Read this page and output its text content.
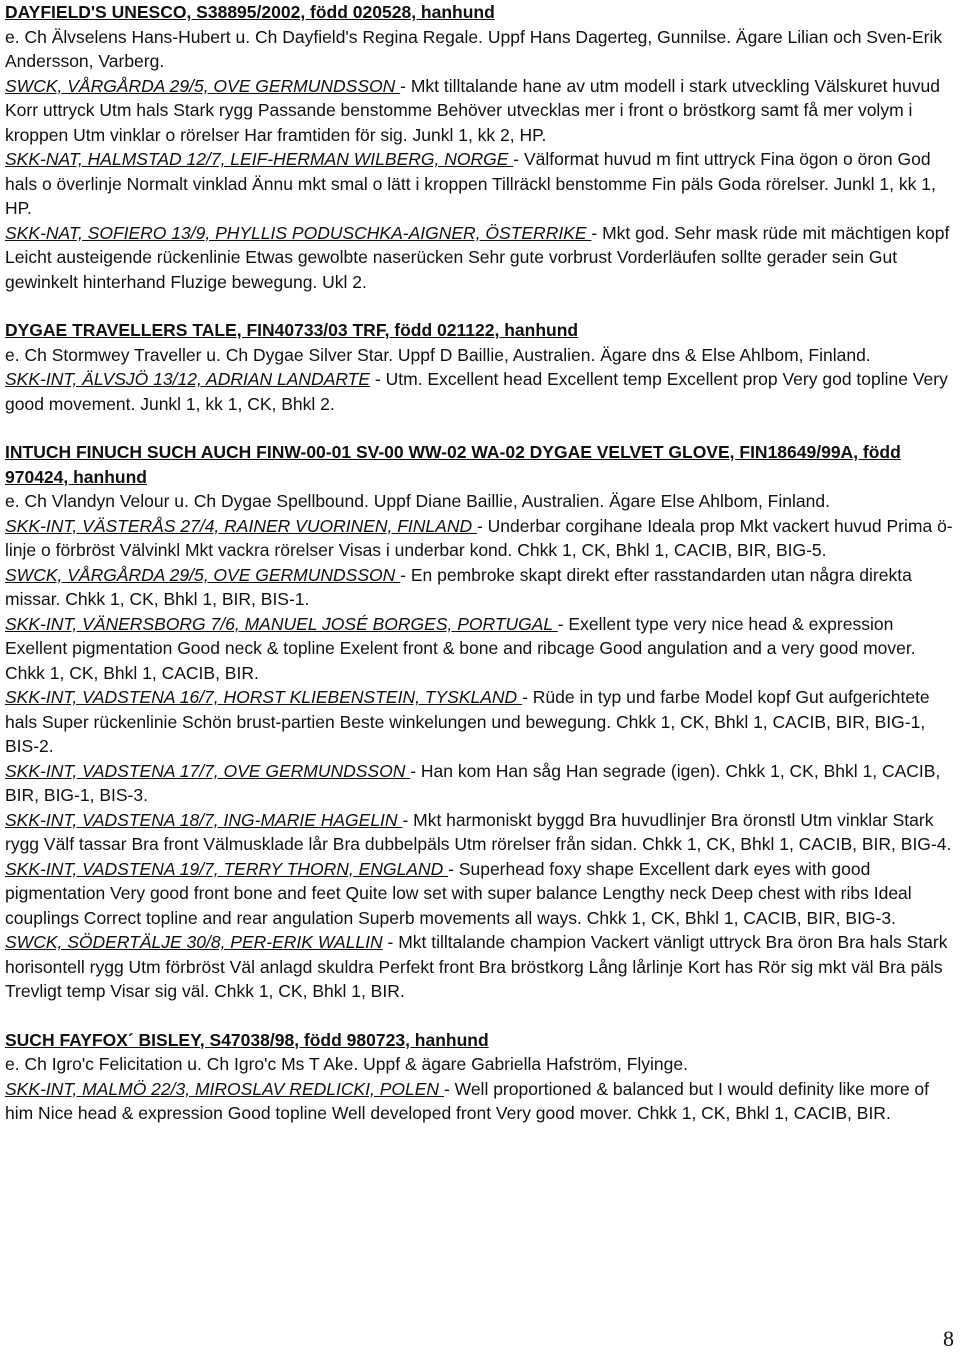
DAYFIELD'S UNESCO, S38895/2002, född 020528, hanhund

e. Ch Älvselens Hans-Hubert u. Ch Dayfield's Regina Regale. Uppf Hans Dagerteg, Gunnilse. Ägare Lilian och Sven-Erik Andersson, Varberg.

SWCK, VÅRGÅRDA 29/5, OVE GERMUNDSSON - Mkt tilltalande hane av utm modell i stark utveckling Välskuret huvud Korr uttryck Utm hals Stark rygg Passande benstomme Behöver utvecklas mer i front o bröstkorg samt få mer volym i kroppen Utm vinklar o rörelser Har framtiden för sig. Junkl 1, kk 2, HP.

SKK-NAT, HALMSTAD 12/7, LEIF-HERMAN WILBERG, NORGE - Välformat huvud m fint uttryck Fina ögon o öron God hals o överlinje Normalt vinklad Ännu mkt smal o lätt i kroppen Tillräckl benstomme Fin päls Goda rörelser. Junkl 1, kk 1, HP.

SKK-NAT, SOFIERO 13/9, PHYLLIS PODUSCHKA-AIGNER, ÖSTERRIKE - Mkt god. Sehr mask rüde mit mächtigen kopf Leicht austeigende rückenlinie Etwas gewolbte naserücken Sehr gute vorbrust Vorderläufen sollte gerader sein Gut gewinkelt hinterhand Fluzige bewegung. Ukl 2.

DYGAE TRAVELLERS TALE, FIN40733/03 TRF, född 021122, hanhund

e. Ch Stormwey Traveller u. Ch Dygae Silver Star. Uppf D Baillie, Australien. Ägare dns & Else Ahlbom, Finland.

SKK-INT, ÄLVSJÖ 13/12, ADRIAN LANDARTE - Utm. Excellent head Excellent temp Excellent prop Very god topline Very good movement. Junkl 1, kk 1, CK, Bhkl 2.

INTUCH FINUCH SUCH AUCH FINW-00-01 SV-00 WW-02 WA-02 DYGAE VELVET GLOVE, FIN18649/99A, född 970424, hanhund

e. Ch Vlandyn Velour u. Ch Dygae Spellbound. Uppf Diane Baillie, Australien. Ägare Else Ahlbom, Finland.

SKK-INT, VÄSTERÅS 27/4, RAINER VUORINEN, FINLAND - Underbar corgihane Ideala prop Mkt vackert huvud Prima ö-linje o förbröst Välvinkl Mkt vackra rörelser Visas i underbar kond. Chkk 1, CK, Bhkl 1, CACIB, BIR, BIG-5.

SWCK, VÅRGÅRDA 29/5, OVE GERMUNDSSON - En pembroke skapt direkt efter rasstandarden utan några direkta missar. Chkk 1, CK, Bhkl 1, BIR, BIS-1.

SKK-INT, VÄNERSBORG 7/6, MANUEL JOSÉ BORGES, PORTUGAL - Exellent type very nice head & expression Exellent pigmentation Good neck & topline Exelent front & bone and ribcage Good angulation and a very good mover. Chkk 1, CK, Bhkl 1, CACIB, BIR.

SKK-INT, VADSTENA 16/7, HORST KLIEBENSTEIN, TYSKLAND - Rüde in typ und farbe Model kopf Gut aufgerichtete hals Super rückenlinie Schön brust-partien Beste winkelungen und bewegung. Chkk 1, CK, Bhkl 1, CACIB, BIR, BIG-1, BIS-2.

SKK-INT, VADSTENA 17/7, OVE GERMUNDSSON - Han kom Han såg Han segrade (igen). Chkk 1, CK, Bhkl 1, CACIB, BIR, BIG-1, BIS-3.

SKK-INT, VADSTENA 18/7, ING-MARIE HAGELIN - Mkt harmoniskt byggd Bra huvudlinjer Bra öronstl Utm vinklar Stark rygg Välf tassar Bra front Välmusklade lår Bra dubbelpäls Utm rörelser från sidan. Chkk 1, CK, Bhkl 1, CACIB, BIR, BIG-4.

SKK-INT, VADSTENA 19/7, TERRY THORN, ENGLAND - Superhead foxy shape Excellent dark eyes with good pigmentation Very good front bone and feet Quite low set with super balance Lengthy neck Deep chest with ribs Ideal couplings Correct topline and rear angulation Superb movements all ways. Chkk 1, CK, Bhkl 1, CACIB, BIR, BIG-3.

SWCK, SÖDERTÄLJE 30/8, PER-ERIK WALLIN - Mkt tilltalande champion Vackert vänligt uttryck Bra öron Bra hals Stark horisontell rygg Utm förbröst Väl anlagd skuldra Perfekt front Bra bröstkorg Lång lårlinje Kort has Rör sig mkt väl Bra päls Trevligt temp Visar sig väl. Chkk 1, CK, Bhkl 1, BIR.

SUCH FAYFOX´ BISLEY, S47038/98, född 980723, hanhund

e. Ch Igro'c Felicitation u. Ch Igro'c Ms T Ake. Uppf & ägare Gabriella Hafström, Flyinge.

SKK-INT, MALMÖ 22/3, MIROSLAV REDLICKI, POLEN - Well proportioned & balanced but I would definity like more of him Nice head & expression Good topline Well developed front Very good mover. Chkk 1, CK, Bhkl 1, CACIB, BIR.

8
